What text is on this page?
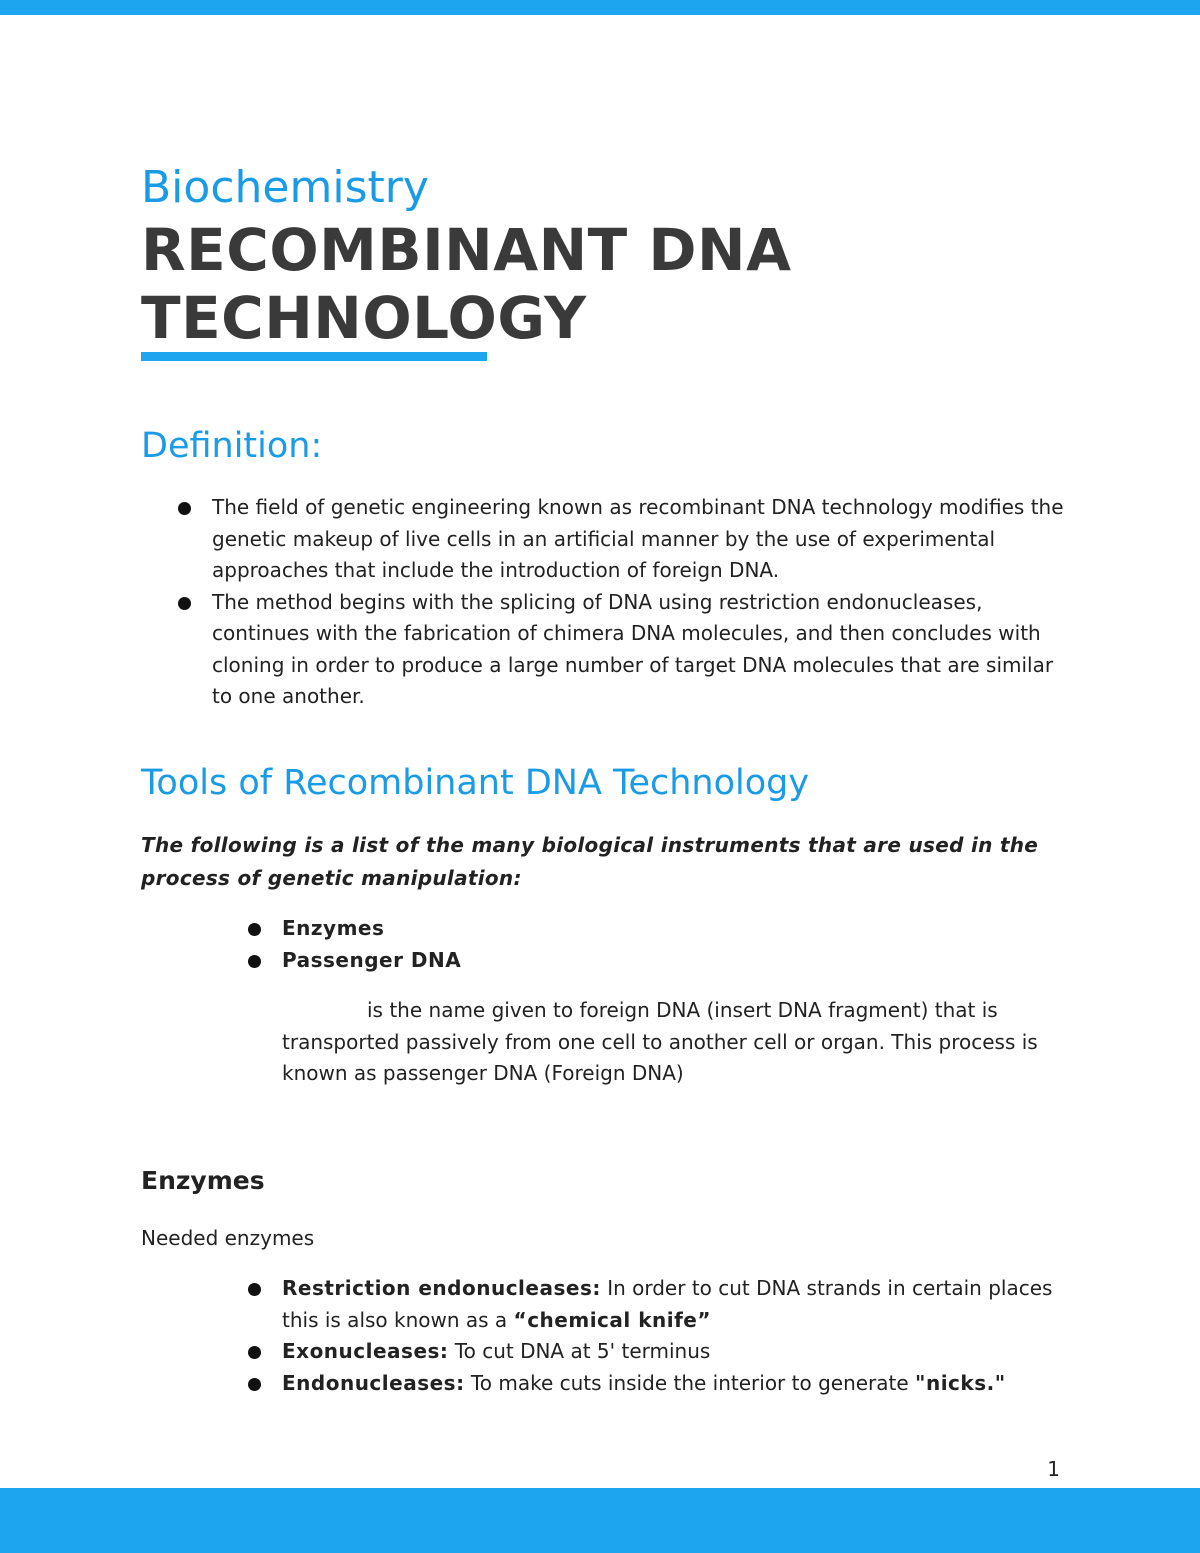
Biochemistry
RECOMBINANT DNA
TECHNOLOGY
Definition:
The field of genetic engineering known as recombinant DNA technology modifies the genetic makeup of live cells in an artificial manner by the use of experimental approaches that include the introduction of foreign DNA.
The method begins with the splicing of DNA using restriction endonucleases, continues with the fabrication of chimera DNA molecules, and then concludes with cloning in order to produce a large number of target DNA molecules that are similar to one another.
Tools of Recombinant DNA Technology

The following is a list of the many biological instruments that are used in the process of genetic manipulation:

Enzymes
Passenger DNA

is the name given to foreign DNA (insert DNA fragment) that is transported passively from one cell to another cell or organ. This process is known as passenger DNA (Foreign DNA)

Enzymes

Needed enzymes

Restriction endonucleases: In order to cut DNA strands in certain places this is also known as a “chemical knife”
Exonucleases: To cut DNA at 5' terminus
Endonucleases: To make cuts inside the interior to generate "nicks."

1
